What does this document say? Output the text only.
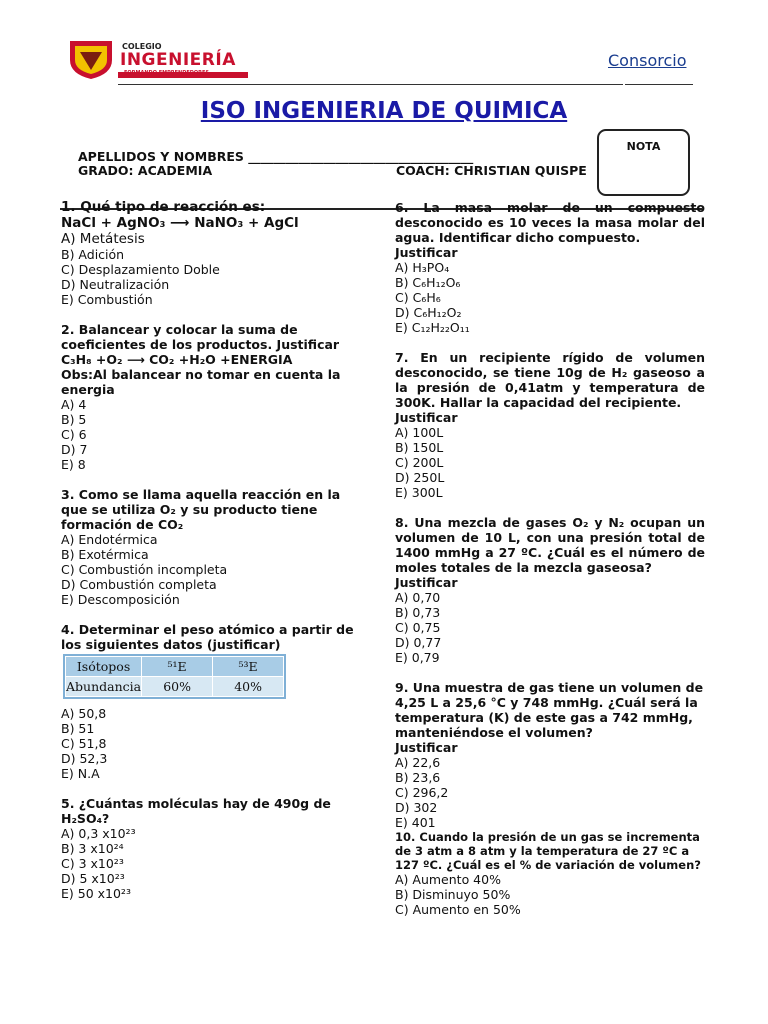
COLEGIO
INGENIERÍA
FORMANDO EMPRENDEDORES
Consorcio
ISO INGENIERIA DE QUIMICA
NOTA
APELLIDOS Y NOMBRES ____________________________________
GRADO: ACADEMIA	COACH: CHRISTIAN QUISPE
1. Qué tipo de reacción es:
NaCl + AgNO₃ ⟶ NaNO₃ + AgCl
A) Metátesis
B) Adición
C) Desplazamiento Doble
D) Neutralización
E) Combustión
2. Balancear y colocar la suma de coeficientes de los productos. Justificar
C₃H₈ +O₂ ⟶ CO₂ +H₂O +ENERGIA
Obs:Al balancear no tomar en cuenta la energia
A) 4
B) 5
C) 6
D) 7
E) 8
3. Como se llama aquella reacción en la que se utiliza O₂ y su producto tiene formación de CO₂
A) Endotérmica
B) Exotérmica
C) Combustión incompleta
D) Combustión completa
E) Descomposición
4. Determinar el peso atómico a partir de los siguientes datos (justificar)
Isótopos	⁵¹E	⁵³E
Abundancia	60%	40%
A) 50,8
B) 51
C) 51,8
D) 52,3
E) N.A
5. ¿Cuántas moléculas hay de 490g de H₂SO₄?
A) 0,3 x10²³
B) 3 x10²⁴
C) 3 x10²³
D) 5 x10²³
E) 50 x10²³
6. La masa molar de un compuesto desconocido es 10 veces la masa molar del agua. Identificar dicho compuesto.
Justificar
A) H₃PO₄
B) C₆H₁₂O₆
C) C₆H₆
D) C₆H₁₂O₂
E) C₁₂H₂₂O₁₁
7. En un recipiente rígido de volumen desconocido, se tiene 10g de H₂ gaseoso a la presión de 0,41atm y temperatura de 300K. Hallar la capacidad del recipiente.
Justificar
A) 100L
B) 150L
C) 200L
D) 250L
E) 300L
8. Una mezcla de gases O₂ y N₂ ocupan un volumen de 10 L, con una presión total de 1400 mmHg a 27 ºC. ¿Cuál es el número de moles totales de la mezcla gaseosa?
Justificar
A) 0,70
B) 0,73
C) 0,75
D) 0,77
E) 0,79
9. Una muestra de gas tiene un volumen de 4,25 L a 25,6 °C y 748 mmHg. ¿Cuál será la temperatura (K) de este gas a 742 mmHg, manteniéndose el volumen?
Justificar
A) 22,6
B) 23,6
C) 296,2
D) 302
E) 401
10. Cuando la presión de un gas se incrementa de 3 atm a 8 atm y la temperatura de 27 ºC a 127 ºC. ¿Cuál es el % de variación de volumen?
A) Aumento 40%
B) Disminuyo 50%
C) Aumento en 50%
